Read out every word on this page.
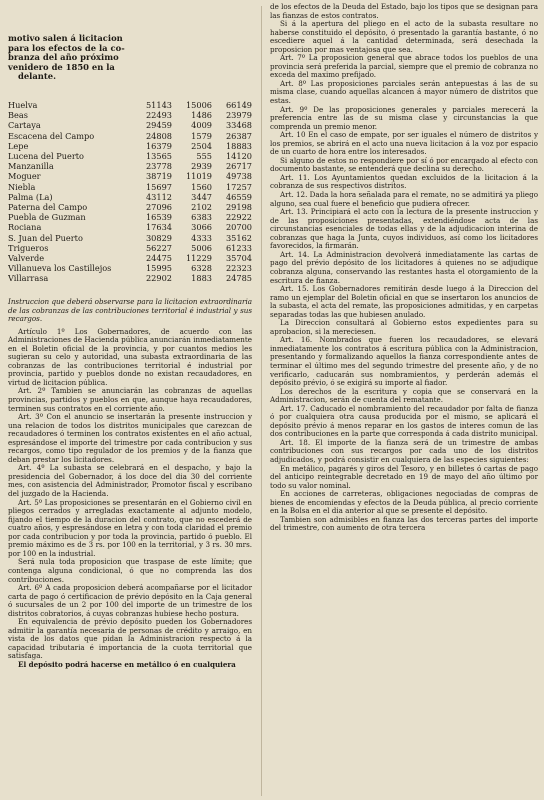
motivo salen á licitacion
para los efectos de la co-
branza del año próximo
venidero de 1850 en la
delante.
Huelva	51143	15006	66149
Beas	22493	1486	23979
Cartaya	29459	4009	33468
Escacena del Campo	24808	1579	26387
Lepe	16379	2504	18883
Lucena del Puerto	13565	555	14120
Manzanilla	23778	2939	26717
Moguer	38719	11019	49738
Niebla	15697	1560	17257
Palma (La)	43112	3447	46559
Paterna del Campo	27096	2102	29198
Puebla de Guzman	16539	6383	22922
Rociana	17634	3066	20700
S. Juan del Puerto	30829	4333	35162
Trigueros	56227	5006	61233
Valverde	24475	11229	35704
Villanueva los Castillejos	15995	6328	22323
Villarrasa	22902	1883	24785

Instruccion que deberá observarse para la licitacion extraordinaria de las cobranzas de las contribuciones territorial é industrial y sus recargos.

Artículo 1º Los Gobernadores, de acuerdo con las Administraciones de Hacienda pública anunciarán inmediatamente en el Boletin oficial de la provincia, y por cuantos medios les sugieran su celo y autoridad, una subasta extraordinaria de las cobranzas de las contribuciones territorial é industrial por provincia, partido y pueblos donde no existan recaudadores, en virtud de licitacion pública.

Art. 2º Tambien se anunciarán las cobranzas de aquellas provincias, partidos y pueblos en que, aunque haya recaudadores, terminen sus contratos en el corriente año.

Art. 3º Con el anuncio se insertarán la presente instruccion y una relacion de todos los distritos municipales que carezcan de recaudadores ó terminen los contratos existentes en el año actual, espresándose el importe del trimestre por cada contribucion y sus recargos, como tipo regulador de los premios y de la fianza que deban prestar los licitadores.

Art. 4º La subasta se celebrará en el despacho, y bajo la presidencia del Gobernador, á los doce del dia 30 del corriente mes, con asistencia del Administrador, Promotor fiscal y escribano del juzgado de la Hacienda.

Art. 5º Las proposiciones se presentarán en el Gobierno civil en pliegos cerrados y arregladas exactamente al adjunto modelo, fijando el tiempo de la duracion del contrato, que no escederá de cuatro años, y espresándose en letra y con toda claridad el premio por cada contribucion y por toda la provincia, partido ó pueblo. El premio máximo es de 3 rs. por 100 en la territorial, y 3 rs. 30 mrs. por 100 en la industrial.

Será nula toda proposicion que traspase de este límite; que contenga alguna condicional, ó que no comprenda las dos contribuciones.

Art. 6º A cada proposicion deberá acompañarse por el licitador carta de pago ó certificacion de prévio depósito en la Caja general ó sucursales de un 2 por 100 del importe de un trimestre de los distritos cobratorios, á cuyas cobranzas hubiese hecho postura.

En equivalencia de prévio depósito pueden los Gobernadores admitir la garantía necesaria de personas de crédito y arraigo, en vista de los datos que pidan la Administracion respecto á la capacidad tributaria é importancia de la cuota territorial que satisfaga.

El depósito podrá hacerse en metálico ó en cualquiera

de los efectos de la Deuda del Estado, bajo los tipos que se designan para las fianzas de estos contratos.

Si á la apertura del pliego en el acto de la subasta resultare no haberse constituido el depósito, ó presentado la garantía bastante, ó no escediere aquel á la cantidad determinada, será desechada la proposicion por mas ventajosa que sea.

Art. 7º La proposicion general que abrace todos los pueblos de una provincia será preferida la parcial, siempre que el premio de cobranza no exceda del maximo prefijado.

Art. 8º Las proposiciones parciales serán antepuestas á las de su misma clase, cuando aquellas alcancen á mayor número de distritos que estas.

Art. 9º De las proposiciones generales y parciales merecerá la preferencia entre las de su misma clase y circunstancias la que comprenda un premio menor.

Art. 10 En el caso de empate, por ser iguales el número de distritos y los premios, se abrirá en el acto una nueva licitacion á la voz por espacio de un cuarto de hora entre los interesados.

Si alguno de estos no respondiere por sí ó por encargado al efecto con documento bastante, se entenderá que declina su derecho.

Art. 11. Los Ayuntamientos quedan excluidos de la licitacion á la cobranza de sus respectivos distritos.

Art. 12. Dada la hora señalada para el remate, no se admitirá ya pliego alguno, sea cual fuere el beneficio que pudiera ofrecer.

Art. 13. Principiará el acto con la lectura de la presente instruccion y de las proposiciones presentadas, extendiéndose acta de las circunstancias esenciales de todas ellas y de la adjudicacion interina de cobranzas que haga la Junta, cuyos individuos, así como los licitadores favorecidos, la firmarán.

Art. 14. La Administracion devolverá inmediatamente las cartas de pago del prévio depósito de los licitadores á quienes no se adjudique cobranza alguna, conservando las restantes hasta el otorgamiento de la escritura de fianza.

Art. 15. Los Gobernadores remitirán desde luego á la Direccion del ramo un ejemplar del Boletin oficial en que se insertaron los anuncios de la subasta, el acta del remate, las proposiciones admitidas, y en carpetas separadas todas las que hubiesen anulado.

La Direccion consultará al Gobierno estos expedientes para su aprobacion, si la mereciesen.

Art. 16. Nombrados que fueren los recaudadores, se elevará inmediatamente los contratos á escritura pública con la Administracion, presentando y formalizando aquellos la fianza correspondiente antes de terminar el último mes del segundo trimestre del presente año, y de no verificarlo, caducarán sus nombramientos, y perderán además el depósito prévio, ó se exigirá su importe al fiador.

Los derechos de la escritura y copia que se conservará en la Administracion, serán de cuenta del rematante.

Art. 17. Caducado el nombramiento del recaudador por falta de fianza ó por cualquiera otra causa producida por el mismo, se aplicará el depósito prévio á menos reparar en los gastos de interes comun de las dos contribuciones en la parte que corresponda á cada distrito municipal.

Art. 18. El importe de la fianza será de un trimestre de ambas contribuciones con sus recargos por cada uno de los distritos adjudicados, y podrá consistir en cualquiera de las especies siguientes:

En metálico, pagarés y giros del Tesoro, y en billetes ó cartas de pago del anticipo reintegrable decretado en 19 de mayo del año último por todo su valor nominal.

En acciones de carreteras, obligaciones negociadas de compras de bienes de encomiendas y efectos de la Deuda pública, al precio corriente en la Bolsa en el dia anterior al que se presente el depósito.

Tambien son admisibles en fianza las dos terceras partes del importe del trimestre, con aumento de otra tercera
